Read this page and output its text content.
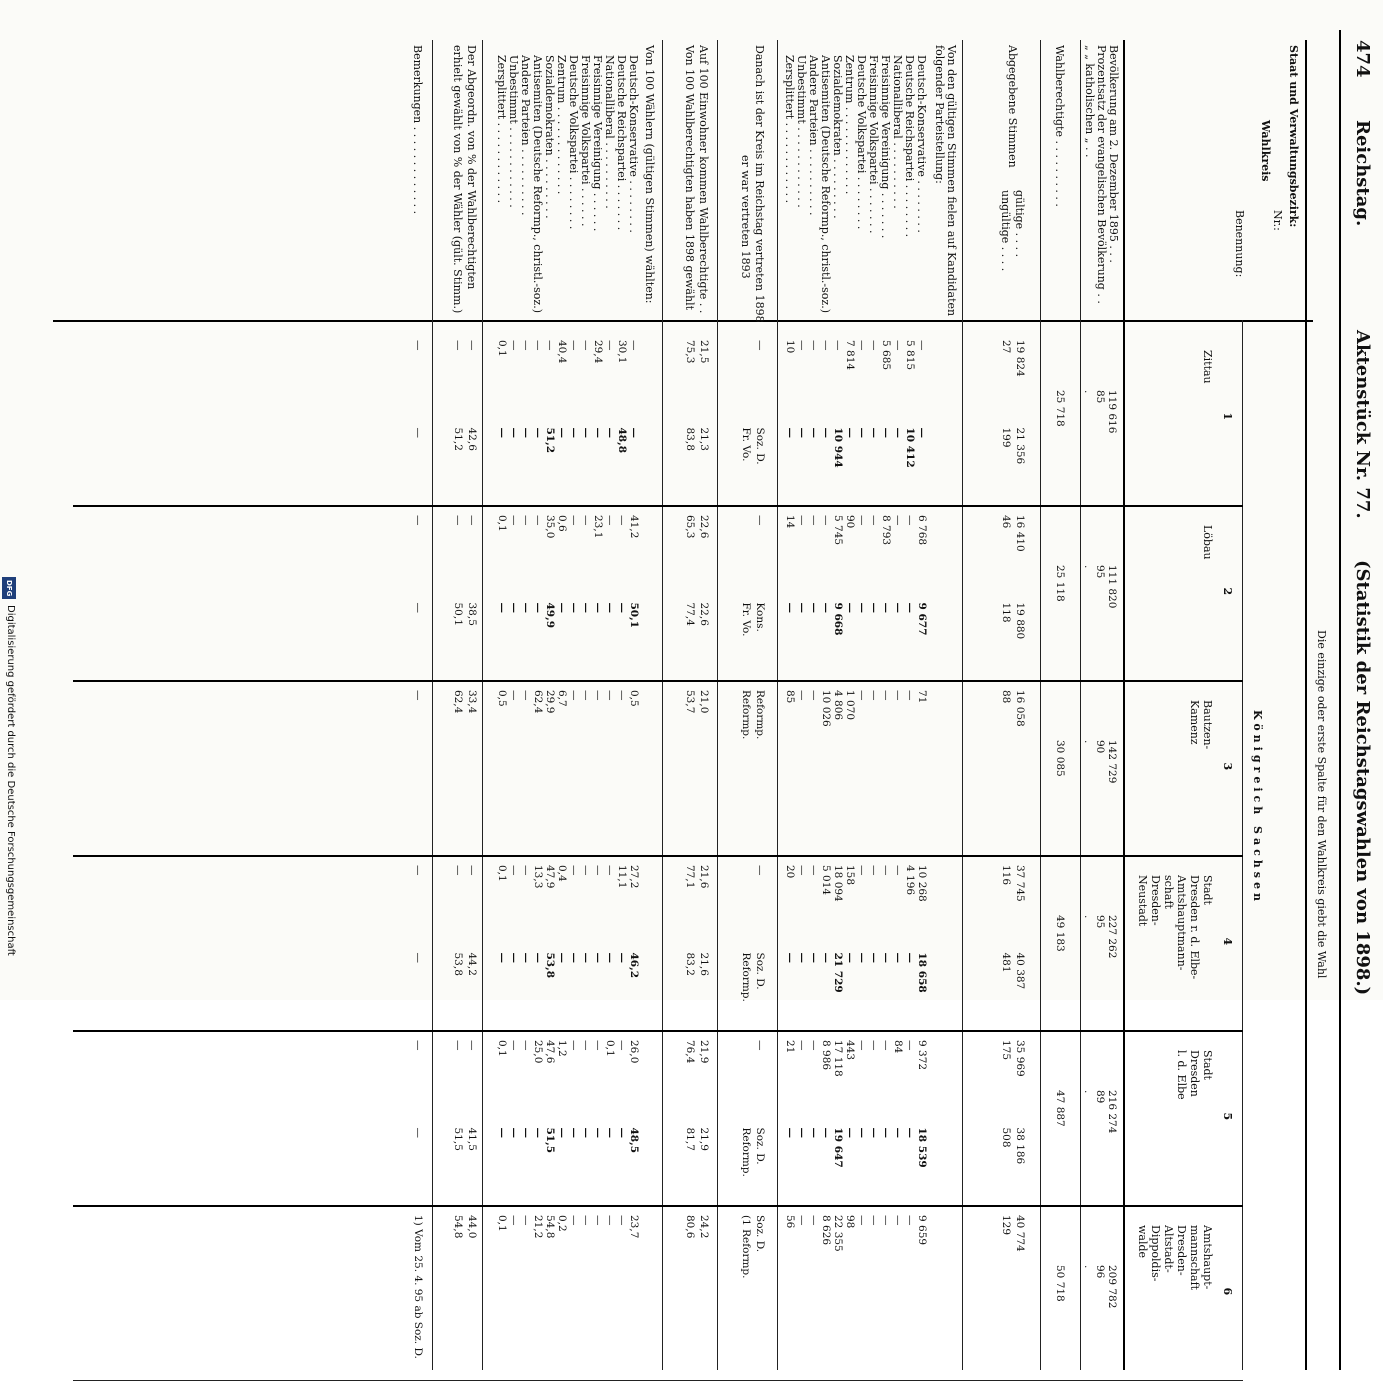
474
Reichstag.
Aktenstück Nr. 77.
(Statistik der Reichstagswahlen von 1898.)
Die einzige oder erste Spalte für den Wahlkreis giebt die Wahl
Staat und Verwaltungsbezirk:
Wahlkreis
Nr.:
Benennung:
Bevölkerung am 2. Dezember 1895 . . .
Prozentsatz der evangelischen Bevölkerung . .
„ „ katholischen „ . .
Wahlberechtigte . . . . . . . . . .
Abgegebene Stimmen
gültige . . . .
ungültige . . . .
Von den gültigen Stimmen fielen auf Kandidaten
folgender Parteistellung:
Deutsch-Konservative . . . . . . . .
Deutsche Reichspartei . . . . . . . .
Nationalliberal . . . . . . . . . .
Freisinnige Vereinigung . . . . . . .
Freisinnige Volkspartei . . . . . . .
Deutsche Volkspartei . . . . . . . .
Zentrum . . . . . . . . . . . . .
Sozialdemokraten . . . . . . . . .
Antisemiten (Deutsche Reformp., christl.-soz.)
Andere Parteien . . . . . . . . . .
Unbestimmt . . . . . . . . . . . .
Zersplittert . . . . . . . . . . . .
Danach ist der Kreis im Reichstag vertreten 1898
er war vertreten 1893
Auf 100 Einwohner kommen Wahlberechtigte . .
Von 100 Wahlberechtigten haben 1898 gewählt
Von 100 Wählern (gültigen Stimmen) wählten:
Deutsch-Konservative . . . . . . . .
Deutsche Reichspartei . . . . . . .
Nationalliberal . . . . . . . . . .
Freisinnige Vereinigung . . . . . .
Freisinnige Volkspartei . . . . . .
Deutsche Volkspartei . . . . . . . .
Zentrum . . . . . . . . . . . . .
Sozialdemokraten . . . . . . . . .
Antisemiten (Deutsche Reformp., christl.-soz.)
Andere Parteien . . . . . . . . . .
Unbestimmt . . . . . . . . . . . .
Zersplittert . . . . . . . . . . . .
Der Abgeordn. von % der Wahlberechtigten
erhielt gewählt von % der Wähler (gült. Stimm.)
Bemerkungen . . . . . . . . . . . . .
Königreich Sachsen
1
Zittau
119 616
85
.
25 718
19 824
21 356
27
199
—
5 815
—
5 685
—
—
7 814
—
—
—
—
10
—
10 412
—
—
—
—
—
10 944
—
—
—
—
—
Soz. D.
Fr. Vo.
21,5
21,3
75,3
83,8
—
30,1
—
29,4
—
—
40,4
—
—
—
—
0,1
—
48,8
—
—
—
—
—
51,2
—
—
—
—
—
42,6
—
51,2
—
—
2
Löbau
111 820
95
.
25 118
16 410
19 880
46
118
6 768
—
—
8 793
—
—
90
5 745
—
—
—
14
9 677
—
—
—
—
—
—
9 668
—
—
—
—
—
Kons.
Fr. Vo.
22,6
22,6
65,3
77,4
41,2
—
—
23,1
—
—
0,6
35,0
—
—
—
0,1
50,1
—
—
—
—
—
—
49,9
—
—
—
—
—
38,5
—
50,1
—
—
3
Bautzen-
Kamenz
142 729
90
.
30 085
16 058
88
71
—
—
—
—
—
1 070
4 806
10 026
—
—
85
Reformp.
Reformp.
21,0
53,7
0,5
—
—
—
—
—
6,7
29,9
62,4
—
—
0,5
33,4
62,4
—
4
Stadt
Dresden r. d. Elbe-
Amtshauptmann-
schaft
Dresden-
Neustadt
227 262
95
.
49 183
37 745
40 387
116
481
10 268
4 196
—
—
—
—
158
18 094
5 014
—
—
20
18 658
—
—
—
—
—
—
21 729
—
—
—
—
—
Soz. D.
Reformp.
21,6
21,6
77,1
83,2
27,2
11,1
—
—
—
—
0,4
47,9
13,3
—
—
0,1
46,2
—
—
—
—
—
—
53,8
—
—
—
—
—
44,2
—
53,8
—
—
5
Stadt
Dresden
l. d. Elbe
216 274
89
.
47 887
35 969
38 186
175
508
9 372
—
84
—
—
—
443
17 118
8 986
—
—
21
18 539
—
—
—
—
—
—
19 647
—
—
—
—
—
Soz. D.
Reformp.
21,9
21,9
76,4
81,7
26,0
—
0,1
—
—
—
1,2
47,6
25,0
—
—
0,1
48,5
—
—
—
—
—
—
51,5
—
—
—
—
—
41,5
—
51,5
—
—
6
Amtshaupt-
mannschaft
Dresden-
Altstadt-
Dippoldis-
walde
209 782
96
.
50 718
40 774
129
9 659
—
—
—
—
—
98
22 355
8 626
—
—
56
Soz. D.
(1 Reformp.
24,2
80,6
23,7
—
—
—
—
—
0,2
54,8
21,2
—
—
0,1
44,0
54,8
1) Vom 25. 4. 95 ab Soz. D.
DFG
Digitalisierung gefördert durch die Deutsche Forschungsgemeinschaft
